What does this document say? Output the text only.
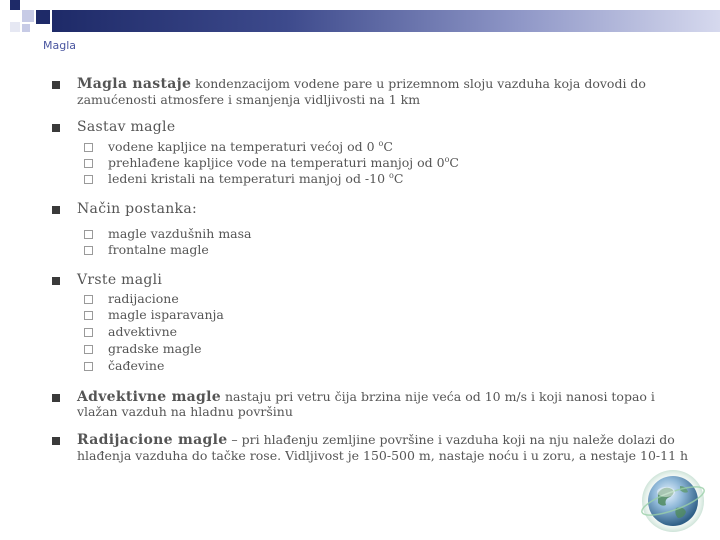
Magla
Magla nastaje kondenzacijom vodene pare u prizemnom sloju vazduha koja dovodi do
zamućenosti atmosfere i smanjenja vidljivosti na 1 km
Sastav magle
vodene kapljice na temperaturi većoj od 0 $^o$C
prehlađene kapljice vode na temperaturi manjoj od 0$^o$C
ledeni kristali na temperaturi manjoj od -10 $^o$C
Način postanka:
magle vazdušnih masa
frontalne magle
Vrste magli
radijacione
magle isparavanja
advektivne
gradske magle
čađevine
Advektivne magle nastaju pri vetru čija brzina nije veća od 10 m/s i koji nanosi topao i
vlažan vazduh na hladnu površinu
Radijacione magle – pri hlađenju zemljine površine i vazduha koji na nju naleže dolazi do
hlađenja vazduha do tačke rose. Vidljivost je 150-500 m, nastaje noću i u zoru, a nestaje 10-11 h
